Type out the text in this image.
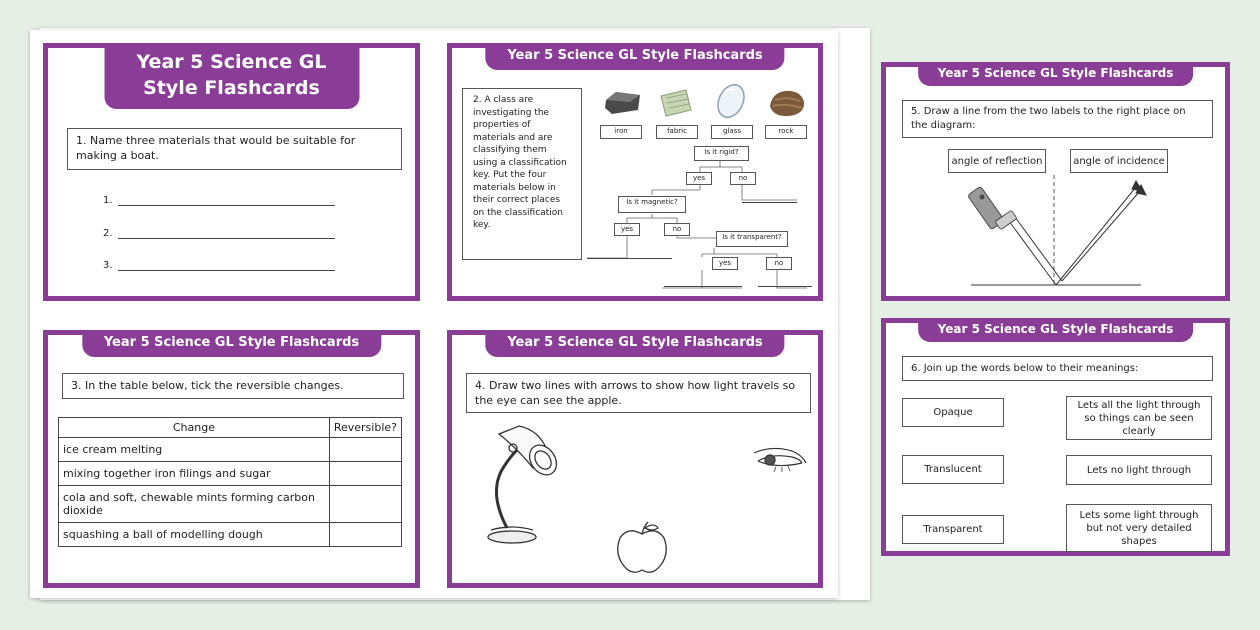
Year 5 Science GL Style Flashcards
1. Name three materials that would be suitable for making a boat.
1.
2.
3.
Year 5 Science GL Style Flashcards
2. A class are investigating the properties of materials and are classifying them using a classification key. Put the four materials below in their correct places on the classification key.
iron	fabric	glass	rock
Is it rigid?
yes	no
Is it magnetic?
yes	no
Is it transparent?
yes	no
Year 5 Science GL Style Flashcards
3. In the table below, tick the reversible changes.
Change	Reversible?
ice cream melting	
mixing together iron filings and sugar	
cola and soft, chewable mints forming carbon dioxide	
squashing a ball of modelling dough	
Year 5 Science GL Style Flashcards
4. Draw two lines with arrows to show how light travels so the eye can see the apple.
Year 5 Science GL Style Flashcards
5. Draw a line from the two labels to the right place on the diagram:
angle of reflection	angle of incidence
Year 5 Science GL Style Flashcards
6. Join up the words below to their meanings:
Opaque
Translucent
Transparent
Lets all the light through so things can be seen clearly
Lets no light through
Lets some light through but not very detailed shapes
